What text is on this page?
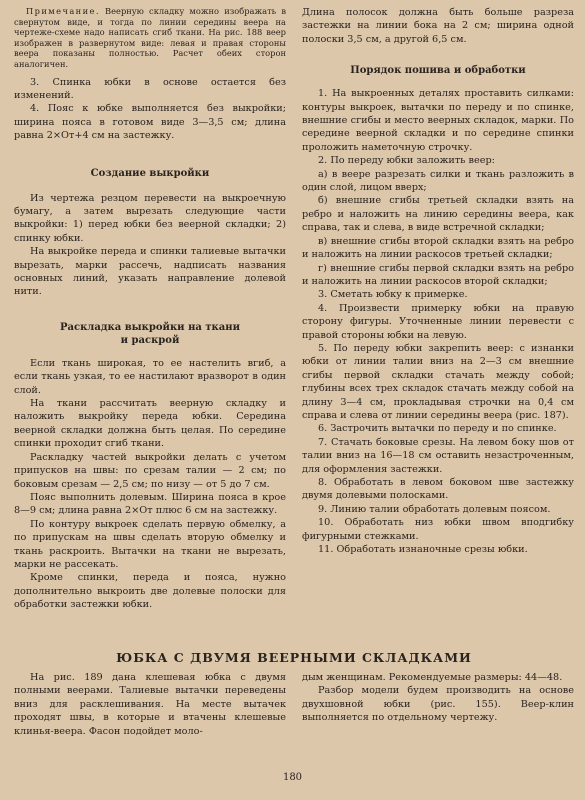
Примечание. Веерную складку можно изображать в свернутом виде, и тогда по линии середины веера на чертеже-схеме надо написать сгиб ткани. На рис. 188 веер изображен в развернутом виде: левая и правая стороны веера показаны полностью. Расчет обеих сторон аналогичен.

3. Спинка юбки в основе остается без изменений.

4. Пояс к юбке выполняется без выкройки; ширина пояса в готовом виде 3—3,5 см; длина равна 2×От+4 см на застежку.

Создание выкройки

Из чертежа резцом перевести на выкроечную бумагу, а затем вырезать следующие части выкройки: 1) перед юбки без веерной складки; 2) спинку юбки.

На выкройке переда и спинки талиевые вытачки вырезать, марки рассечь, надписать названия основных линий, указать направление долевой нити.

Раскладка выкройки на ткани
и раскрой

Если ткань широкая, то ее настелить вгиб, а если ткань узкая, то ее настилают вразворот в один слой.

На ткани рассчитать веерную складку и наложить выкройку переда юбки. Середина веерной складки должна быть целая. По середине спинки проходит сгиб ткани.

Раскладку частей выкройки делать с учетом припусков на швы: по срезам талии — 2 см; по боковым срезам — 2,5 см; по низу — от 5 до 7 см.

Пояс выполнить долевым. Ширина пояса в крое 8—9 см; длина равна 2×От плюс 6 см на застежку.

По контуру выкроек сделать первую обмелку, а по припускам на швы сделать вторую обмелку и ткань раскроить. Вытачки на ткани не вырезать, марки не рассекать.

Кроме спинки, переда и пояса, нужно дополнительно выкроить две долевые полоски для обработки застежки юбки.

Длина полосок должна быть больше разреза застежки на линии бока на 2 см; ширина одной полоски 3,5 см, а другой 6,5 см.

Порядок пошива и обработки

1. На выкроенных деталях проставить силками: контуры выкроек, вытачки по переду и по спинке, внешние сгибы и место веерных складок, марки. По середине веерной складки и по середине спинки проложить наметочную строчку.

2. По переду юбки заложить веер:

а) в веере разрезать силки и ткань разложить в один слой, лицом вверх;

б) внешние сгибы третьей складки взять на ребро и наложить на линию середины веера, как справа, так и слева, в виде встречной складки;

в) внешние сгибы второй складки взять на ребро и наложить на линии раскосов третьей складки;

г) внешние сгибы первой складки взять на ребро и наложить на линии раскосов второй складки;

3. Сметать юбку к примерке.

4. Произвести примерку юбки на правую сторону фигуры. Уточненные линии перевести с правой стороны юбки на левую.

5. По переду юбки закрепить веер: с изнанки юбки от линии талии вниз на 2—3 см внешние сгибы первой складки стачать между собой; глубины всех трех складок стачать между собой на длину 3—4 см, прокладывая строчки на 0,4 см справа и слева от линии середины веера (рис. 187).

6. Застрочить вытачки по переду и по спинке.

7. Стачать боковые срезы. На левом боку шов от талии вниз на 16—18 см оставить незастроченным, для оформления застежки.

8. Обработать в левом боковом шве застежку двумя долевыми полосками.

9. Линию талии обработать долевым поясом.

10. Обработать низ юбки швом вподгибку фигурными стежками.

11. Обработать изнаночные срезы юбки.

ЮБКА С ДВУМЯ ВЕЕРНЫМИ СКЛАДКАМИ

На рис. 189 дана клешевая юбка с двумя полными веерами. Талиевые вытачки переведены вниз для расклешивания. На месте вытачек проходят швы, в которые и втачены клешевые клинья-веера. Фасон подойдет моло-

дым женщинам. Рекомендуемые размеры: 44—48.

Разбор модели будем производить на основе двухшовной юбки (рис. 155). Веер-клин выполняется по отдельному чертежу.

180
